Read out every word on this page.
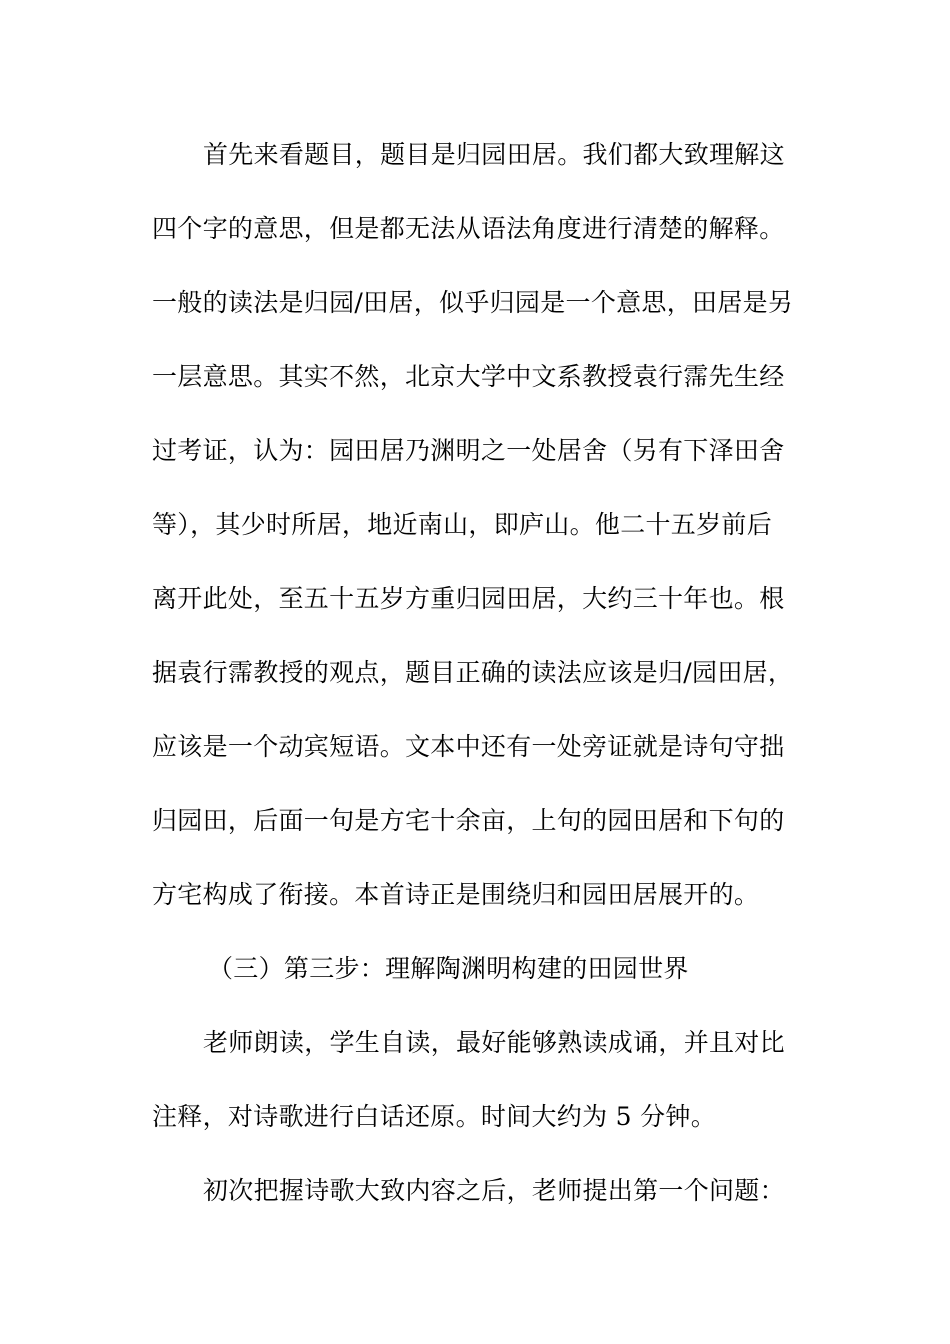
首先来看题目，题目是归园田居。我们都大致理解这
四个字的意思，但是都无法从语法角度进行清楚的解释。
一般的读法是归园/田居，似乎归园是一个意思，田居是另
一层意思。其实不然，北京大学中文系教授袁行霈先生经
过考证，认为：园田居乃渊明之一处居舍（另有下泽田舍
等），其少时所居，地近南山，即庐山。他二十五岁前后
离开此处，至五十五岁方重归园田居，大约三十年也。根
据袁行霈教授的观点，题目正确的读法应该是归/园田居，
应该是一个动宾短语。文本中还有一处旁证就是诗句守拙
归园田，后面一句是方宅十余亩，上句的园田居和下句的
方宅构成了衔接。本首诗正是围绕归和园田居展开的。
（三）第三步：理解陶渊明构建的田园世界
老师朗读，学生自读，最好能够熟读成诵，并且对比
注释，对诗歌进行白话还原。时间大约为 5 分钟。
初次把握诗歌大致内容之后，老师提出第一个问题：
